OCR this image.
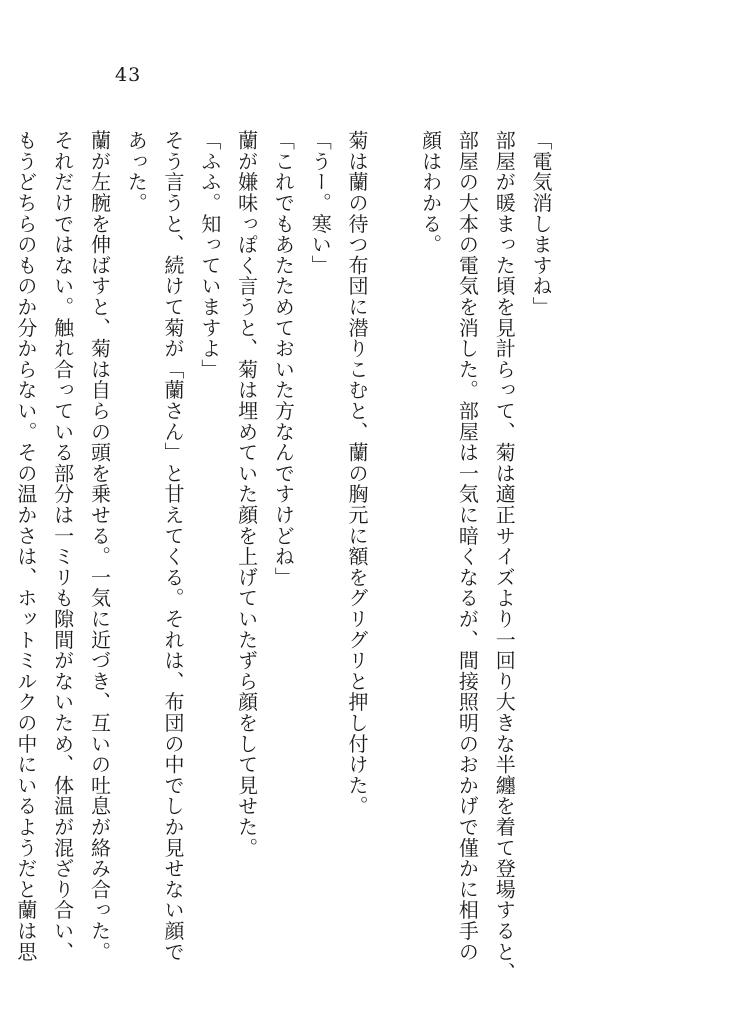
43
「電気消しますね」
部屋が暖まった頃を見計らって、菊は適正サイズより一回り大きな半纏を着て登場すると、
部屋の大本の電気を消した。部屋は一気に暗くなるが、間接照明のおかげで僅かに相手の
顔はわかる。
菊は蘭の待つ布団に潜りこむと、蘭の胸元に額をグリグリと押し付けた。
「うー。寒い」
「これでもあたためておいた方なんですけどね」
蘭が嫌味っぽく言うと、菊は埋めていた顔を上げていたずら顔をして見せた。
「ふふ。知っていますよ」
そう言うと、続けて菊が「蘭さん」と甘えてくる。それは、布団の中でしか見せない顔で
あった。
蘭が左腕を伸ばすと、菊は自らの頭を乗せる。一気に近づき、互いの吐息が絡み合った。
それだけではない。触れ合っている部分は一ミリも隙間がないため、体温が混ざり合い、
もうどちらのものか分からない。その温かさは、ホットミルクの中にいるようだと蘭は思
